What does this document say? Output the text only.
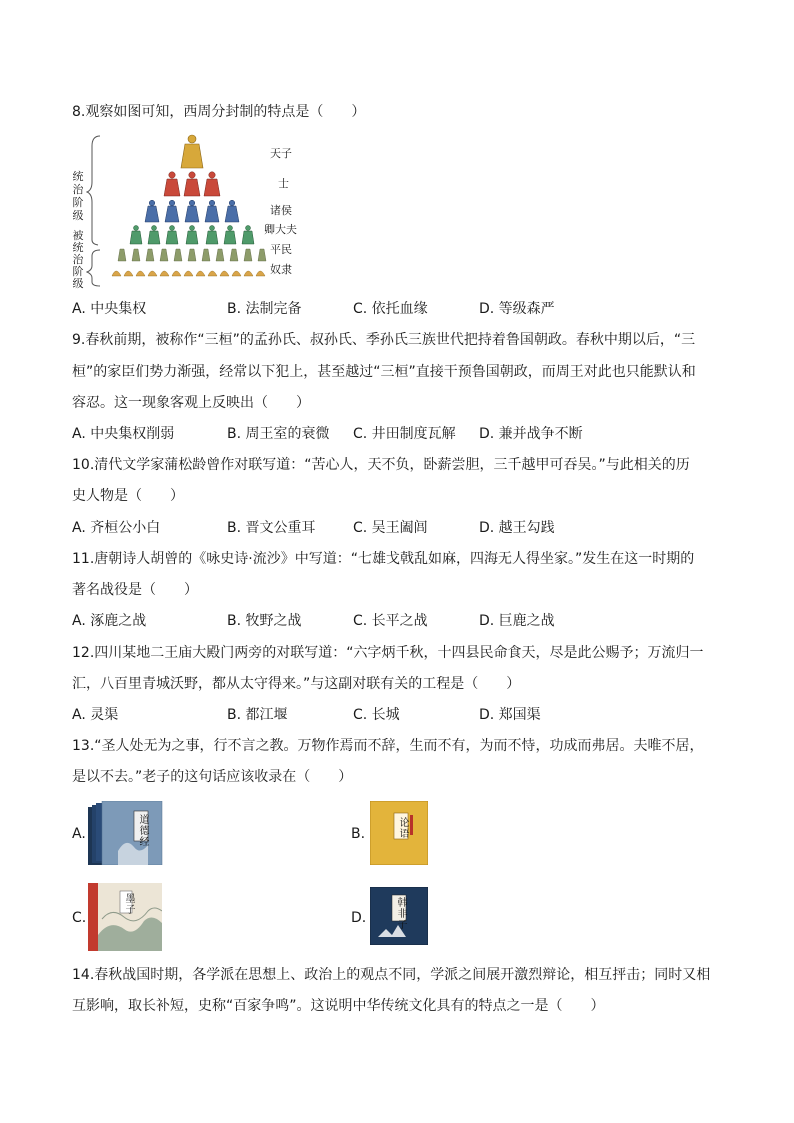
8.观察如图可知，西周分封制的特点是（　　）
统治阶级
被统治阶级
天子
士
诸侯
卿大夫
平民
奴隶
A. 中央集权	B. 法制完备	C. 依托血缘	D. 等级森严
9.春秋前期，被称作“三桓”的孟孙氏、叔孙氏、季孙氏三族世代把持着鲁国朝政。春秋中期以后，“三
桓”的家臣们势力渐强，经常以下犯上，甚至越过“三桓”直接干预鲁国朝政，而周王对此也只能默认和
容忍。这一现象客观上反映出（　　）
A. 中央集权削弱	B. 周王室的衰微 C. 井田制度瓦解 D. 兼并战争不断
10.清代文学家蒲松龄曾作对联写道：“苦心人，天不负，卧薪尝胆，三千越甲可吞吴。”与此相关的历
史人物是（　　）
A. 齐桓公小白	B. 晋文公重耳	C. 吴王阖闾	D. 越王勾践
11.唐朝诗人胡曾的《咏史诗·流沙》中写道：“七雄戈戟乱如麻，四海无人得坐家。”发生在这一时期的
著名战役是（　　）
A. 涿鹿之战	B. 牧野之战	C. 长平之战	D. 巨鹿之战
12.四川某地二王庙大殿门两旁的对联写道：“六字炳千秋，十四县民命食天，尽是此公赐予；万流归一
汇，八百里青城沃野，都从太守得来。”与这副对联有关的工程是（　　）
A. 灵渠	B. 都江堰	C. 长城	D. 郑国渠
13.“圣人处无为之事，行不言之教。万物作焉而不辞，生而不有，为而不恃，功成而弗居。夫唯不居，
是以不去。”老子的这句话应该收录在（　　）
A.	道德经	B.	论语
C.
墨子
D.	韩非子
14.春秋战国时期，各学派在思想上、政治上的观点不同，学派之间展开激烈辩论，相互抨击；同时又相
互影响，取长补短，史称“百家争鸣”。这说明中华传统文化具有的特点之一是（　　）
